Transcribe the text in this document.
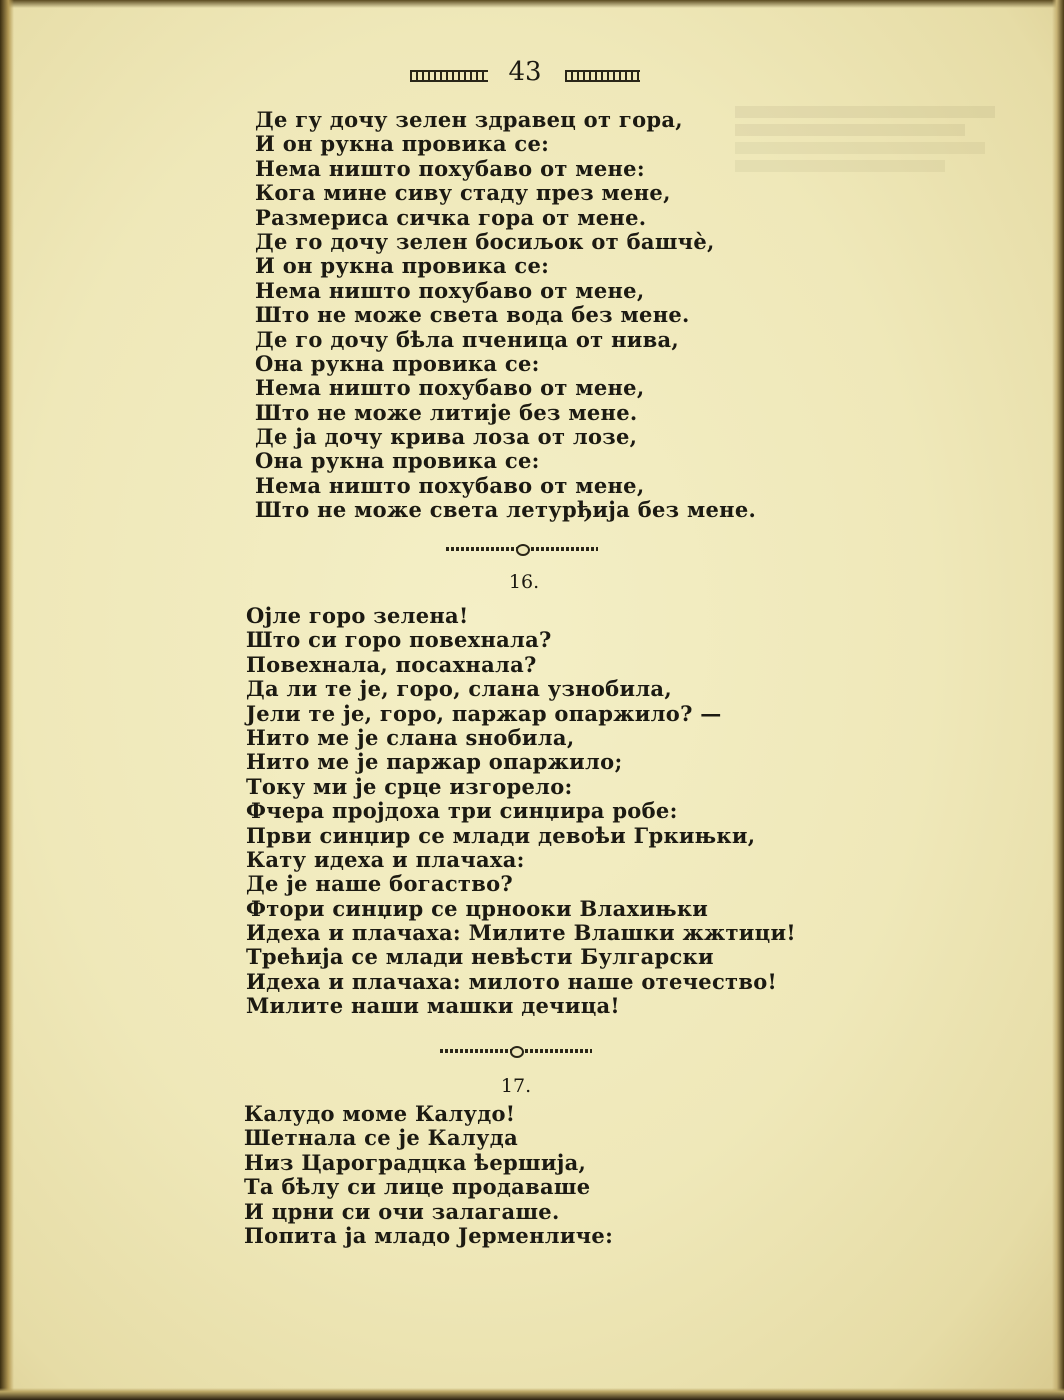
43
Де гу дочу зелен здравец от гора,
И он рукна провика се:
Нема ништо похубаво от мене:
Кога мине сиву стаду през мене,
Размериса сичка гора от мене.
Де го дочу зелен босиљок от башчѐ,
И он рукна провика се:
Нема ништо похубаво от мене,
Што не може света вода без мене.
Де го дочу бѣла пченица от нива,
Она рукна провика се:
Нема ништо похубаво от мене,
Што не може литије без мене.
Де ја дочу крива лоза от лозе,
Она рукна провика се:
Нема ништо похубаво от мене,
Што не може света летурђија без мене.
16.
Ојле горо зелена!
Што си горо повехнала?
Повехнала, посахнала?
Да ли те је, горо, слана узнобила,
Јели те је, горо, паржар опаржило? —
Нито ме је слана ѕнобила,
Нито ме је паржар опаржило;
Току ми је срце изгорело:
Фчера пројдоха три синџира робе:
Први синџир се млади девоѣи Гркињки,
Кату идеха и плачаха:
Де је наше богаство?
Фтори синџир се црнооки Влахињки
Идеха и плачаха: Милите Влашки жжтици!
Трећија се млади невѣсти Булгарски
Идеха и плачаха: милото наше отечество!
Милите наши машки дечица!
17.
Калудо моме Калудо!
Шетнала се је Калуда
Низ Цароградцка ѣершија,
Та бѣлу си лице продаваше
И црни си очи залагаше.
Попита ја младо Јерменличе:
